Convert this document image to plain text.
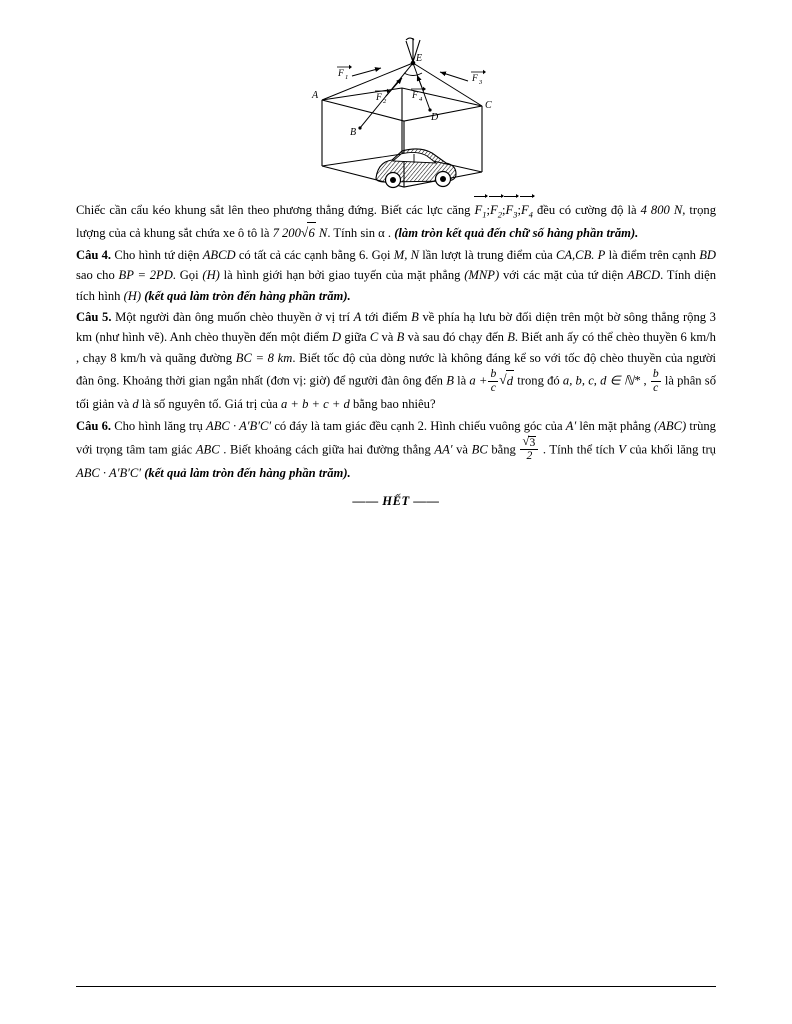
E
A
B
C
D
F 1	F 3
F 2
F 4

Chiếc cần cẩu kéo khung sắt lên theo phương thẳng đứng. Biết các lực căng $F_1;F_2;F_3;F_4$ đều có cường độ là 4 800 N, trọng lượng của cả khung sắt chứa xe ô tô là 7 200 √ 6 N. Tính sin α . (làm tròn kết quả đến chữ số hàng phần trăm).

Câu 4. Cho hình tứ diện ABCD có tất cả các cạnh bằng 6. Gọi M, N lần lượt là trung điểm của CA,CB. P là điểm trên cạnh BD sao cho BP = 2PD. Gọi (H) là hình giới hạn bởi giao tuyến của mặt phẳng (MNP) với các mặt của tứ diện ABCD. Tính diện tích hình (H) (kết quả làm tròn đến hàng phần trăm).

Câu 5. Một người đàn ông muốn chèo thuyền ở vị trí A tới điểm B về phía hạ lưu bờ đối diện trên một bờ sông thẳng rộng 3 km (như hình vẽ). Anh chèo thuyền đến một điểm D giữa C và B và sau đó chạy đến B. Biết anh ấy có thể chèo thuyền 6 km/h , chạy 8 km/h và quãng đường BC = 8 km. Biết tốc độ của dòng nước là không đáng kể so với tốc độ chèo thuyền của người đàn ông. Khoảng thời gian ngắn nhất (đơn vị: giờ) để người đàn ông đến B là $a + \frac{b}{c}$ √ d trong đó a, b, c, d ∈ ℕ* , $\frac{b}{c}$ là phân số tối giản và d là số nguyên tố. Giá trị của a + b + c + d bằng bao nhiêu?

Câu 6. Cho hình lăng trụ ABC · A′B′C′ có đáy là tam giác đều cạnh 2. Hình chiếu vuông góc của A′ lên mặt phẳng (ABC) trùng với trọng tâm tam giác ABC . Biết khoảng cách giữa hai đường thẳng AA′ và BC bằng √ $\frac{3}{2}$ . Tính thể tích V của khối lăng trụ ABC · A′B′C′ (kết quả làm tròn đến hàng phần trăm).

—— HẾT ——
